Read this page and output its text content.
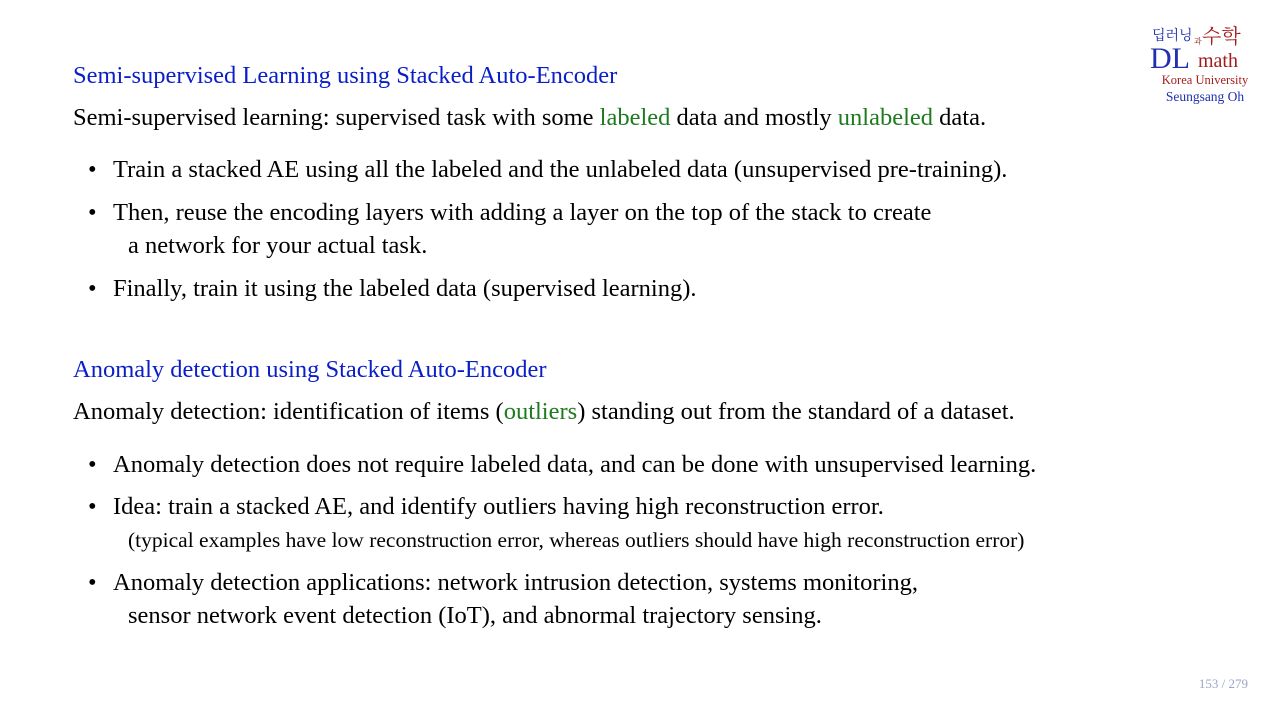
딥러닝 과 수학
DL math
Korea University
Seungsang Oh
Semi-supervised Learning using Stacked Auto-Encoder
Semi-supervised learning: supervised task with some labeled data and mostly unlabeled data.
• Train a stacked AE using all the labeled and the unlabeled data (unsupervised pre-training).
• Then, reuse the encoding layers with adding a layer on the top of the stack to create
a network for your actual task.
• Finally, train it using the labeled data (supervised learning).
Anomaly detection using Stacked Auto-Encoder
Anomaly detection: identification of items (outliers) standing out from the standard of a dataset.
• Anomaly detection does not require labeled data, and can be done with unsupervised learning.
• Idea: train a stacked AE, and identify outliers having high reconstruction error.
(typical examples have low reconstruction error, whereas outliers should have high reconstruction error)
• Anomaly detection applications: network intrusion detection, systems monitoring,
sensor network event detection (IoT), and abnormal trajectory sensing.
153 / 279
